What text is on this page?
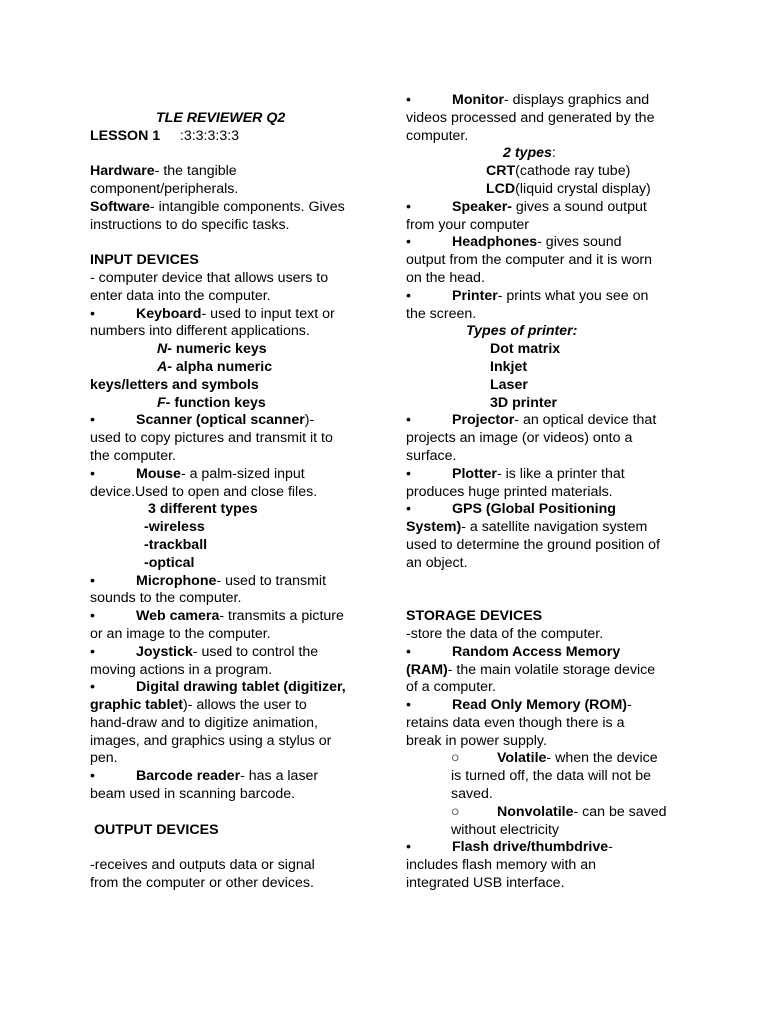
TLE REVIEWER Q2
LESSON 1     :3:3:3:3:3
Hardware- the tangible
component/peripherals.
Software- intangible components. Gives
instructions to do specific tasks.
INPUT DEVICES
- computer device that allows users to
enter data into the computer.
•	Keyboard- used to input text or
numbers into different applications.
N- numeric keys
A- alpha numeric
keys/letters and symbols
F- function keys
•	Scanner (optical scanner)-
used to copy pictures and transmit it to
the computer.
•	Mouse- a palm-sized input
device.Used to open and close files.
3 different types
-wireless
-trackball
-optical
•	Microphone- used to transmit
sounds to the computer.
•	Web camera- transmits a picture
or an image to the computer.
•	Joystick- used to control the
moving actions in a program.
•	Digital drawing tablet (digitizer,
graphic tablet)- allows the user to
hand-draw and to digitize animation,
images, and graphics using a stylus or
pen.
•	Barcode reader- has a laser
beam used in scanning barcode.
OUTPUT DEVICES
-receives and outputs data or signal
from the computer or other devices.
•	Monitor- displays graphics and
videos processed and generated by the
computer.
2 types:
CRT(cathode ray tube)
LCD(liquid crystal display)
•	Speaker- gives a sound output
from your computer
•	Headphones- gives sound
output from the computer and it is worn
on the head.
•	Printer- prints what you see on
the screen.
Types of printer:
Dot matrix
Inkjet
Laser
3D printer
•	Projector- an optical device that
projects an image (or videos) onto a
surface.
•	Plotter- is like a printer that
produces huge printed materials.
•	GPS (Global Positioning
System)- a satellite navigation system
used to determine the ground position of
an object.
STORAGE DEVICES
-store the data of the computer.
•	Random Access Memory
(RAM)- the main volatile storage device
of a computer.
•	Read Only Memory (ROM)-
retains data even though there is a
break in power supply.
○	Volatile- when the device
is turned off, the data will not be
saved.
○	Nonvolatile- can be saved
without electricity
•	Flash drive/thumbdrive-
includes flash memory with an
integrated USB interface.
